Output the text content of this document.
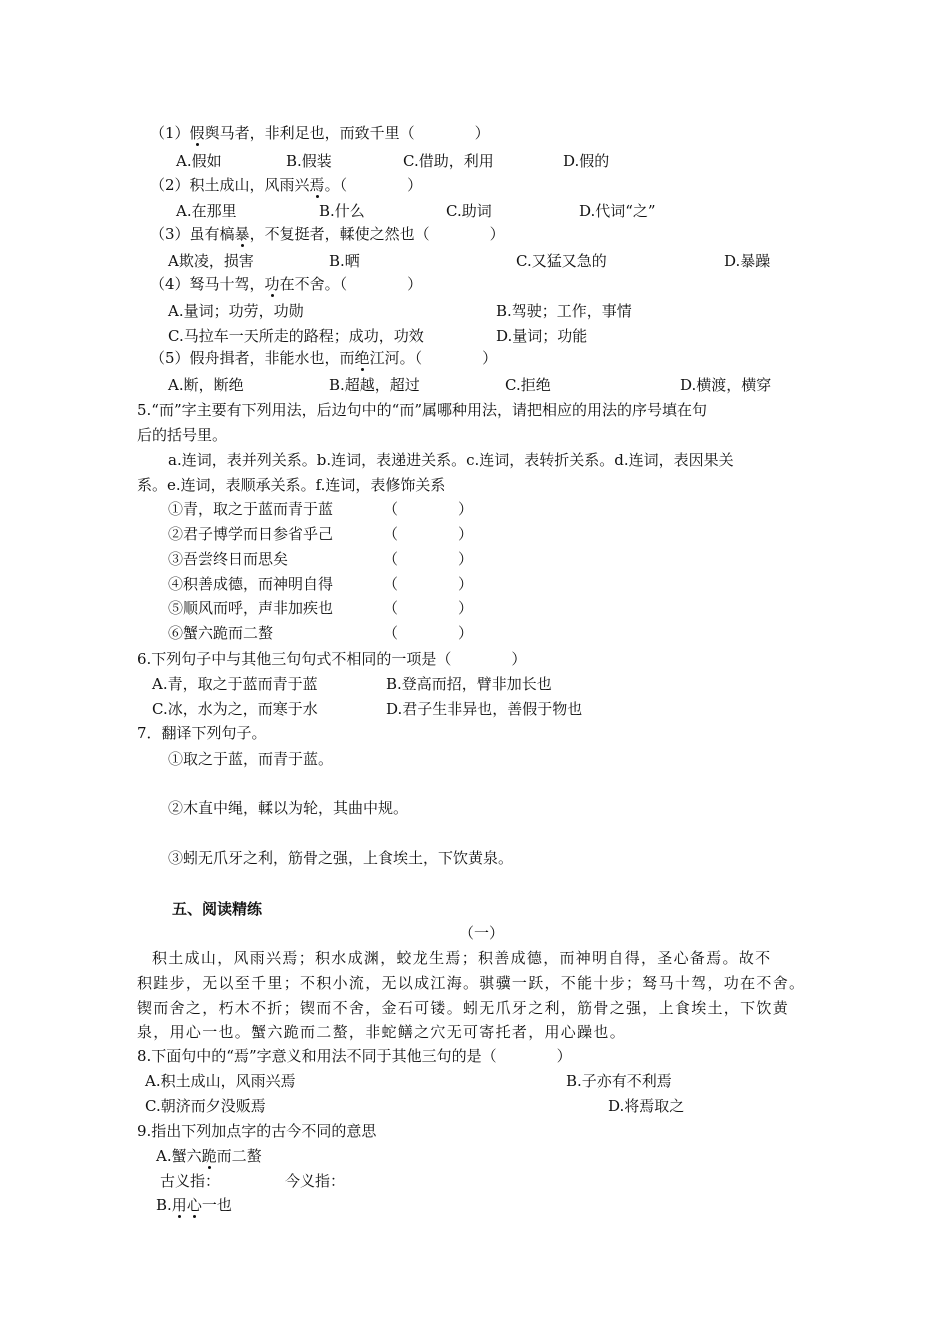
（1）假舆马者，非利足也，而致千里（　　　　）
A.假如	B.假装	C.借助，利用	D.假的
（2）积土成山，风雨兴焉。（　　　　）
A.在那里	B.什么	C.助词	D.代词“之”
（3）虽有槁暴，不复挺者，輮使之然也（　　　　）
A欺凌，损害	B.晒	C.又猛又急的	D.暴躁
（4）驽马十驾，功在不舍。（　　　　）
A.量词；功劳，功勋	B.驾驶；工作，事情
C.马拉车一天所走的路程；成功，功效	D.量词；功能
（5）假舟揖者，非能水也，而绝江河。（　　　　）
A.断，断绝	B.超越，超过	C.拒绝	D.横渡，横穿
5.“而”字主要有下列用法，后边句中的“而”属哪种用法，请把相应的用法的序号填在句
后的括号里。
a.连词，表并列关系。b.连词，表递进关系。c.连词，表转折关系。d.连词，表因果关
系。e.连词，表顺承关系。f.连词，表修饰关系
①青，取之于蓝而青于蓝	（　　　　）
②君子博学而日参省乎己	（　　　　）
③吾尝终日而思矣	（　　　　）
④积善成德，而神明自得	（　　　　）
⑤顺风而呼，声非加疾也	（　　　　）
⑥蟹六跪而二螯	（　　　　）
6.下列句子中与其他三句句式不相同的一项是（　　　　）
A.青，取之于蓝而青于蓝	B.登高而招，臂非加长也
C.冰，水为之，而寒于水	D.君子生非异也，善假于物也
7．翻译下列句子。
①取之于蓝，而青于蓝。
②木直中绳，輮以为轮，其曲中规。
③蚓无爪牙之利，筋骨之强，上食埃土，下饮黄泉。
五、阅读精练
（一）
积土成山，风雨兴焉；积水成渊，蛟龙生焉；积善成德，而神明自得，圣心备焉。故不
积跬步，无以至千里；不积小流，无以成江海。骐骥一跃，不能十步；驽马十驾，功在不舍。
锲而舍之，朽木不折；锲而不舍，金石可镂。蚓无爪牙之利，筋骨之强，上食埃土，下饮黄
泉，用心一也。蟹六跪而二螯，非蛇鳝之穴无可寄托者，用心躁也。
8.下面句中的“焉”字意义和用法不同于其他三句的是（　　　　）
A.积土成山，风雨兴焉	B.子亦有不利焉
C.朝济而夕没贩焉	D.将焉取之
9.指出下列加点字的古今不同的意思
A.蟹六跪而二螯
古义指：	今义指：
B.用心一也
